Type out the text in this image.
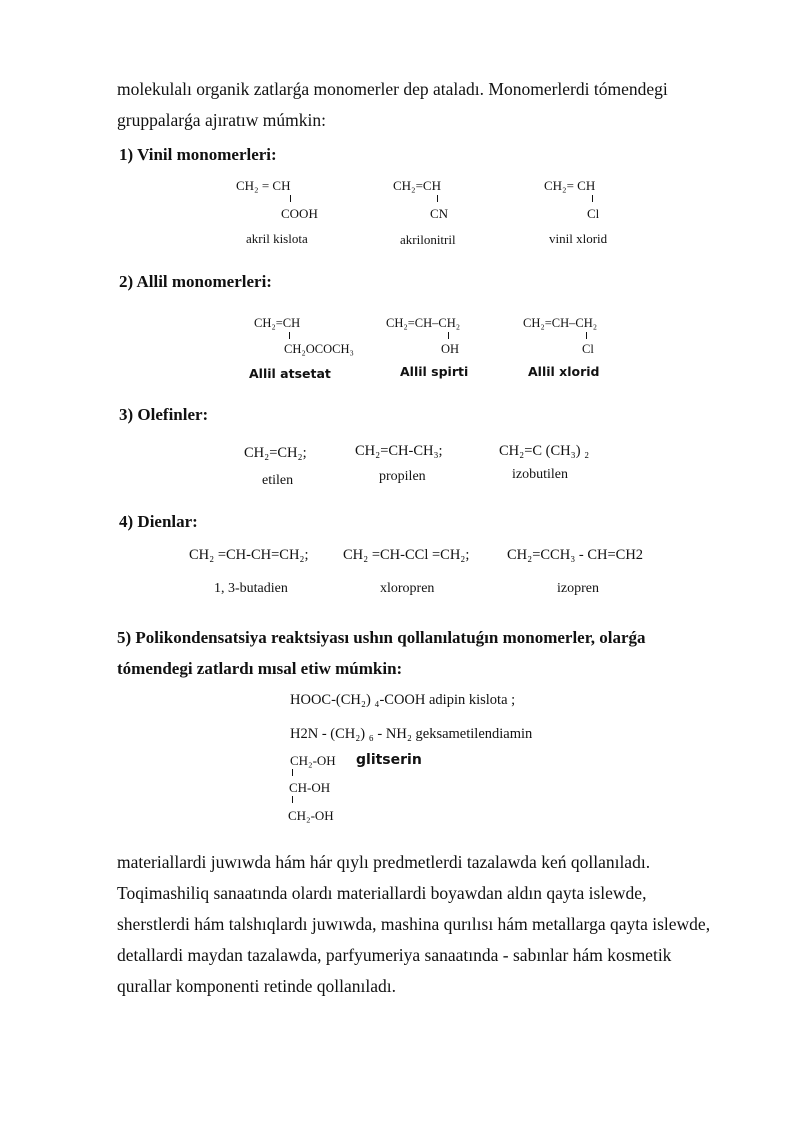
molekulalı organik zatlarǵa monomerler dep ataladı. Monomerlerdi tómendegi
gruppalarǵa ajıratıw múmkin:
1) Vinil monomerleri:
CH₂ = CH
COOH
akril kislota
CH₂=CH
CN
akrilonitril
CH₂= CH
Cl
vinil xlorid
2) Allil monomerleri:
CH₂=CH
CH₂OCOCH₃
Allil atsetat
CH₂=CH–CH₂
OH
Allil spirti
CH₂=CH–CH₂
Cl
Allil xlorid
3) Olefinler:
CH₂=CH₂;
etilen
CH₂=CH-CH₃;
propilen
CH₂=C (CH₃) ₂
izobutilen
4) Dienlar:
CH₂ =CH-CH=CH₂;
1, 3-butadien
CH₂ =CH-CCl =CH₂;
xloropren
CH₂=CCH₃ - CH=CH2
izopren
5) Polikondensatsiya reaktsiyası ushın qollanılatuǵın monomerler, olarǵa
tómendegi zatlardı mısal etiw múmkin:
HOOC-(CH₂) ₄-COOH adipin kislota ;
H2N - (CH₂) ₆ - NH₂ geksametilendiamin
CH₂-OH glitserin
CH-OH
CH₂-OH
materiallardi juwıwda hám hár qıylı predmetlerdi tazalawda keń qollanıladı.
Toqimashiliq sanaatında olardı materiallardi boyawdan aldın qayta islewde,
sherstlerdi hám talshıqlardı juwıwda, mashina qurılısı hám metallarga qayta islewde,
detallardi maydan tazalawda, parfyumeriya sanaatında - sabınlar hám kosmetik
qurallar komponenti retinde qollanıladı.
